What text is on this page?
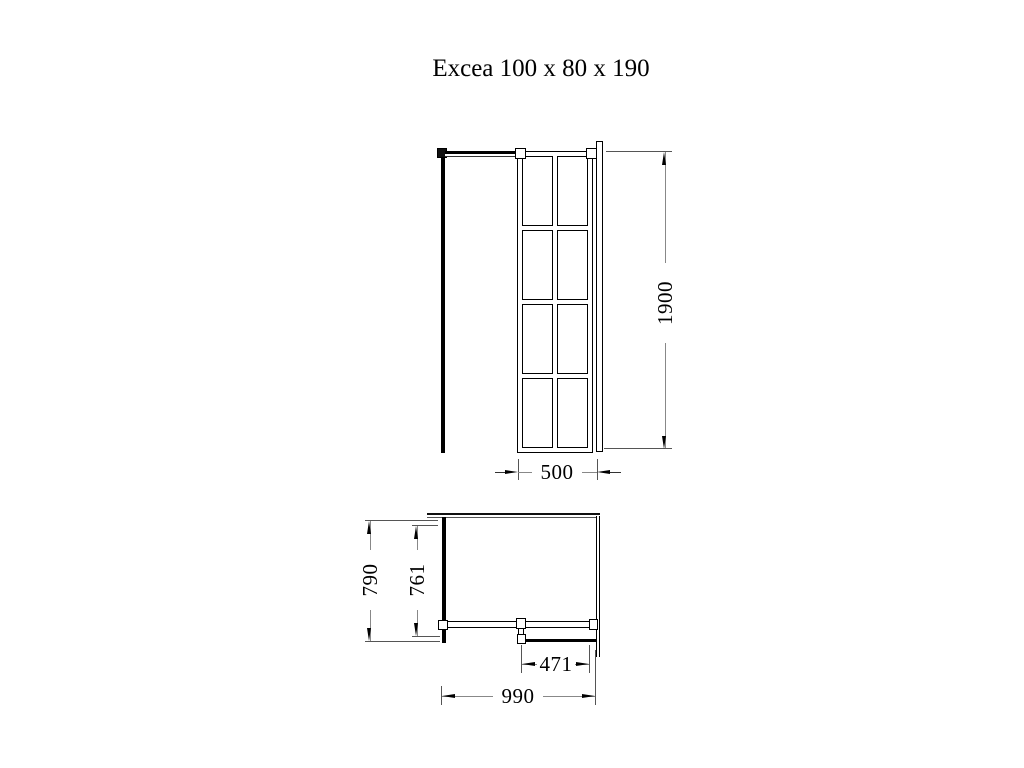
Excea 100 x 80 x 190
1900
500
790 761
471
990
